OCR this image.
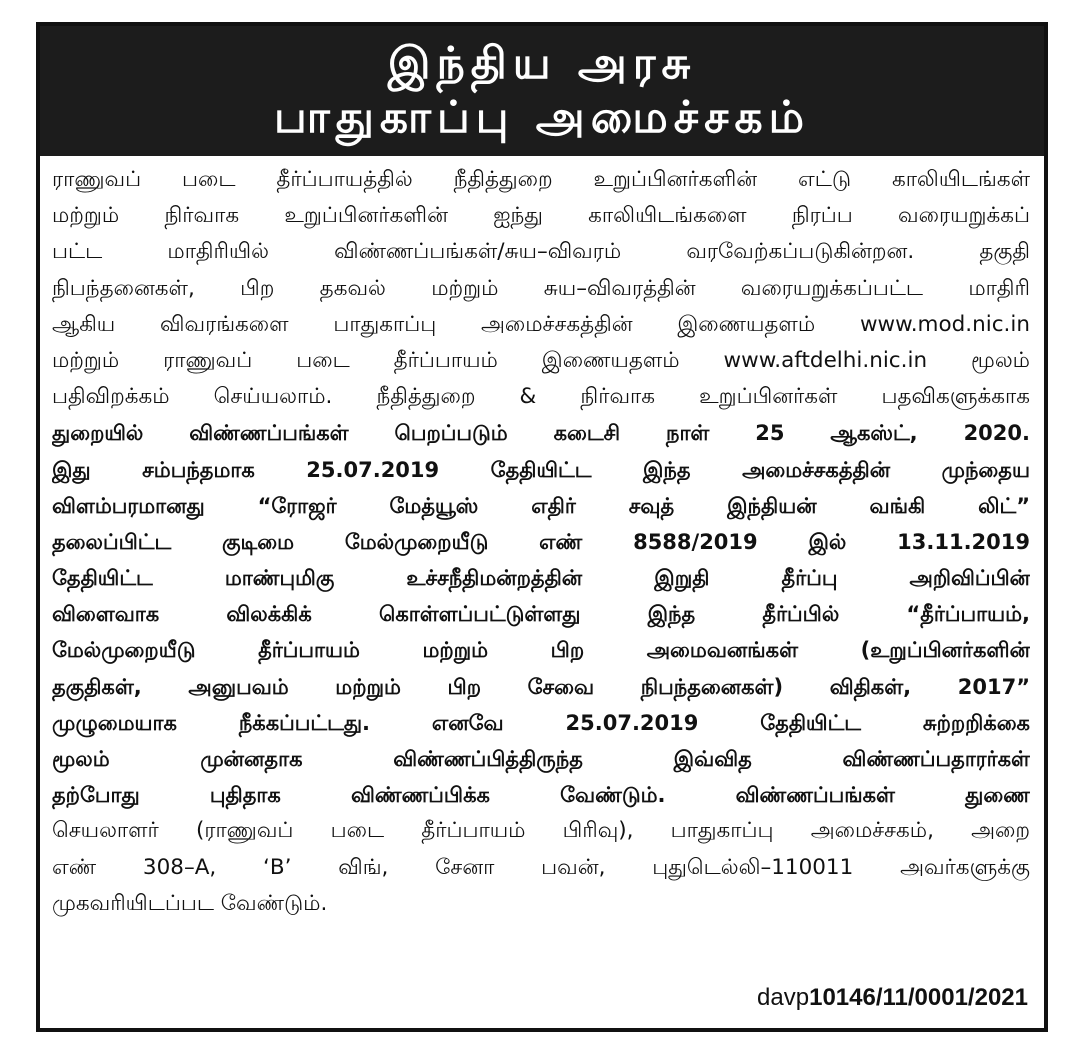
இந்திய அரசு
பாதுகாப்பு அமைச்சகம்
ராணுவப் படை தீர்ப்பாயத்தில் நீதித்துறை உறுப்பினர்களின் எட்டு காலியிடங்கள்
மற்றும் நிர்வாக உறுப்பினர்களின் ஐந்து காலியிடங்களை நிரப்ப வரையறுக்கப்
பட்ட மாதிரியில் விண்ணப்பங்கள்/சுய–விவரம் வரவேற்கப்படுகின்றன. தகுதி
நிபந்தனைகள், பிற தகவல் மற்றும் சுய–விவரத்தின் வரையறுக்கப்பட்ட மாதிரி
ஆகிய விவரங்களை பாதுகாப்பு அமைச்சகத்தின் இணையதளம் www.mod.nic.in
மற்றும் ராணுவப் படை தீர்ப்பாயம் இணையதளம் www.aftdelhi.nic.in மூலம்
பதிவிறக்கம் செய்யலாம். நீதித்துறை & நிர்வாக உறுப்பினர்கள் பதவிகளுக்காக
துறையில் விண்ணப்பங்கள் பெறப்படும் கடைசி நாள் 25 ஆகஸ்ட், 2020.
இது சம்பந்தமாக 25.07.2019 தேதியிட்ட இந்த அமைச்சகத்தின் முந்தைய
விளம்பரமானது “ரோஜர் மேத்யூஸ் எதிர் சவுத் இந்தியன் வங்கி லிட்”
தலைப்பிட்ட குடிமை மேல்முறையீடு எண் 8588/2019 இல் 13.11.2019
தேதியிட்ட மாண்புமிகு உச்சநீதிமன்றத்தின் இறுதி தீர்ப்பு அறிவிப்பின்
விளைவாக விலக்கிக் கொள்ளப்பட்டுள்ளது இந்த தீர்ப்பில் “தீர்ப்பாயம்,
மேல்முறையீடு தீர்ப்பாயம் மற்றும் பிற அமைவனங்கள் (உறுப்பினர்களின்
தகுதிகள், அனுபவம் மற்றும் பிற சேவை நிபந்தனைகள்) விதிகள், 2017”
முழுமையாக நீக்கப்பட்டது. எனவே 25.07.2019 தேதியிட்ட சுற்றறிக்கை
மூலம் முன்னதாக விண்ணப்பித்திருந்த இவ்வித விண்ணப்பதாரர்கள்
தற்போது புதிதாக விண்ணப்பிக்க வேண்டும். விண்ணப்பங்கள் துணை
செயலாளர் (ராணுவப் படை தீர்ப்பாயம் பிரிவு), பாதுகாப்பு அமைச்சகம், அறை
எண் 308–A, ‘B’ விங், சேனா பவன், புதுடெல்லி–110011 அவர்களுக்கு
முகவரியிடப்பட வேண்டும்.
davp10146/11/0001/2021
